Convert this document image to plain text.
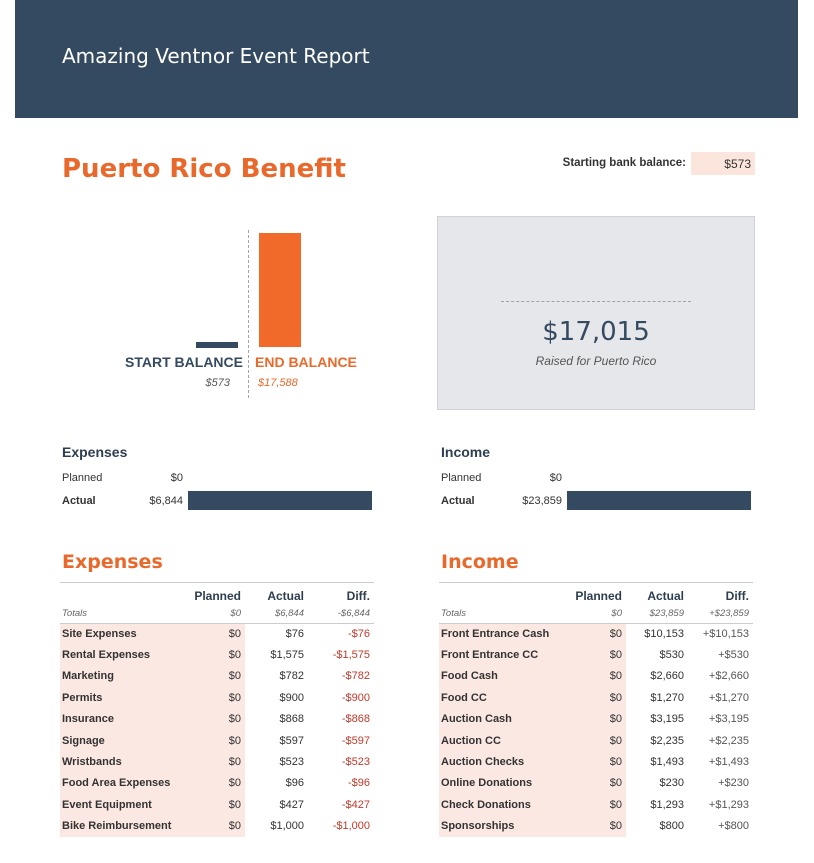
Amazing Ventnor Event Report
Puerto Rico Benefit	Starting bank balance:	$573
START BALANCE END BALANCE
$573	$17,588
$17,015
Raised for Puerto Rico
Expenses
Planned	$0
Actual	$6,844
Income
Planned	$0
Actual	$23,859
Expenses
	Planned	Actual	Diff.
Totals	$0	$6,844	-$6,844
Site Expenses	$0	$76	-$76
Rental Expenses	$0	$1,575	-$1,575
Marketing	$0	$782	-$782
Permits	$0	$900	-$900
Insurance	$0	$868	-$868
Signage	$0	$597	-$597
Wristbands	$0	$523	-$523
Food Area Expenses	$0	$96	-$96
Event Equipment	$0	$427	-$427
Bike Reimbursement	$0	$1,000	-$1,000
Income
	Planned	Actual	Diff.
Totals	$0	$23,859	+$23,859
Front Entrance Cash	$0	$10,153	+$10,153
Front Entrance CC	$0	$530	+$530
Food Cash	$0	$2,660	+$2,660
Food CC	$0	$1,270	+$1,270
Auction Cash	$0	$3,195	+$3,195
Auction CC	$0	$2,235	+$2,235
Auction Checks	$0	$1,493	+$1,493
Online Donations	$0	$230	+$230
Check Donations	$0	$1,293	+$1,293
Sponsorships	$0	$800	+$800
